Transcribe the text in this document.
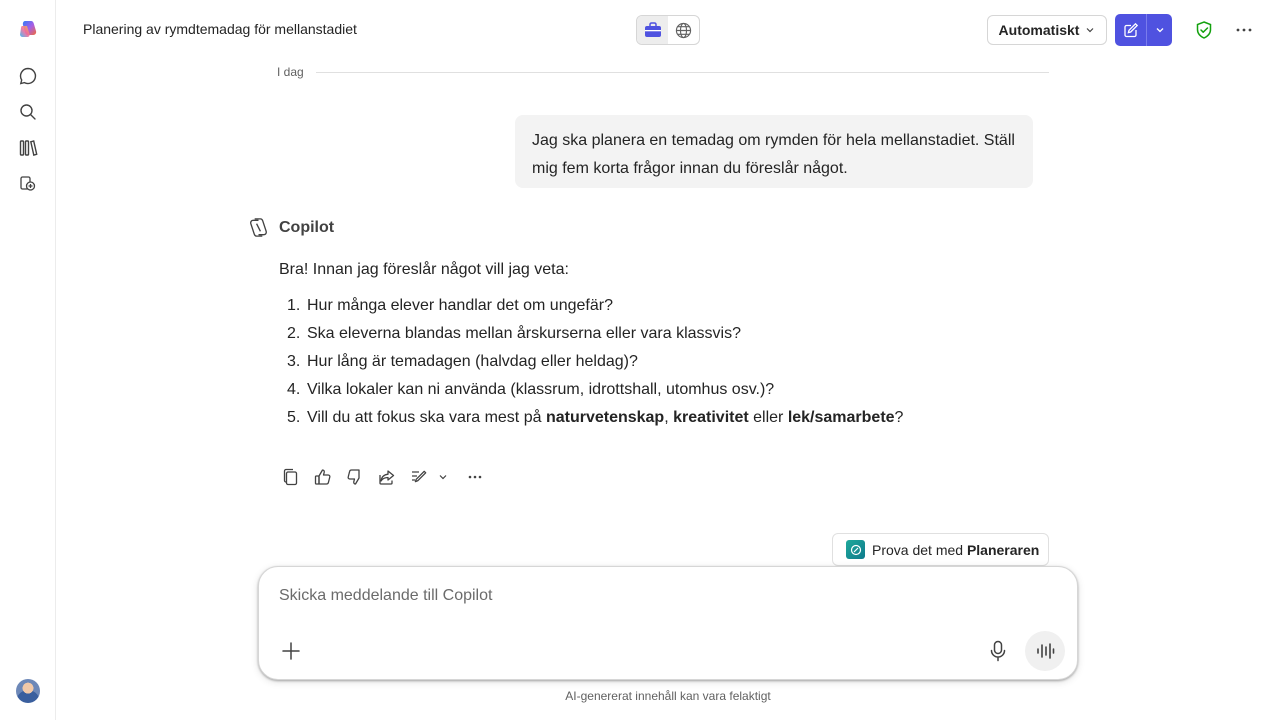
Planering av rymdtemadag för mellanstadiet	Automatiskt
I dag
Jag ska planera en temadag om rymden för hela mellanstadiet. Ställ mig fem korta frågor innan du föreslår något.
Copilot
Bra! Innan jag föreslår något vill jag veta:
1. Hur många elever handlar det om ungefär?
2. Ska eleverna blandas mellan årskurserna eller vara klassvis?
3. Hur lång är temadagen (halvdag eller heldag)?
4. Vilka lokaler kan ni använda (klassrum, idrottshall, utomhus osv.)?
5. Vill du att fokus ska vara mest på naturvetenskap, kreativitet eller lek/samarbete?
Prova det med Planeraren
Skicka meddelande till Copilot
AI-genererat innehåll kan vara felaktigt
